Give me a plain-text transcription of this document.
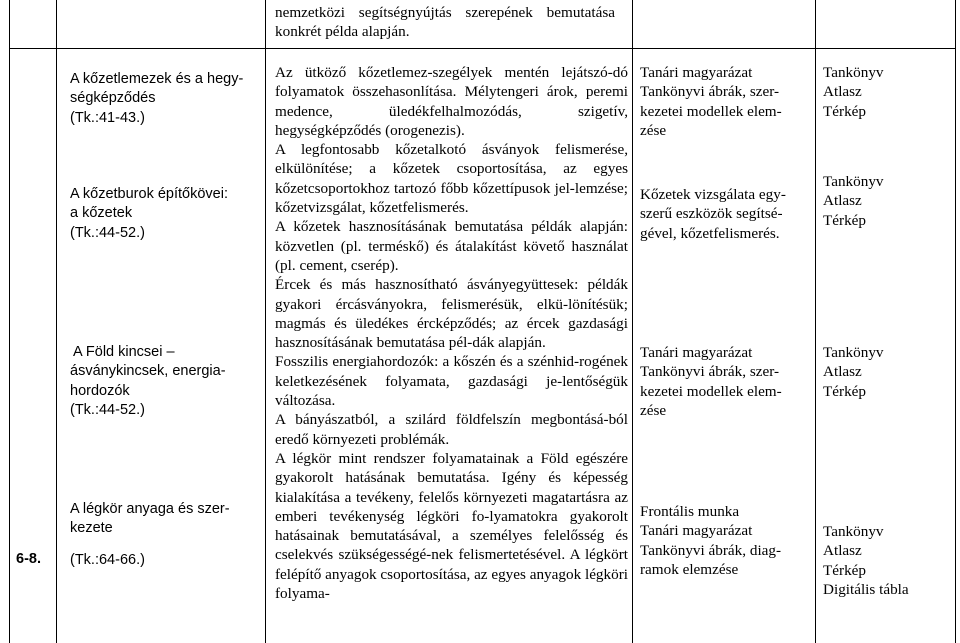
6-8.
nemzetközi segítségnyújtás szerepének bemutatása konkrét példa alapján.

A kőzetlemezek és a hegy-

ségképződés

(Tk.:41-43.)

A kőzetburok építőkövei:

a kőzetek

(Tk.:44-52.)

A Föld kincsei –

ásványkincsek, energia-

hordozók

(Tk.:44-52.)

A légkör anyaga és szer-

kezete

(Tk.:64-66.)

Az ütköző kőzetlemez-szegélyek mentén lejátszó-dó folyamatok összehasonlítása. Mélytengeri árok, peremi medence, üledékfelhalmozódás, szigetív, hegységképződés (orogenezis).

A legfontosabb kőzetalkotó ásványok felismerése, elkülönítése; a kőzetek csoportosítása, az egyes kőzetcsoportokhoz tartozó főbb kőzettípusok jel-lemzése; kőzetvizsgálat, kőzetfelismerés.

A kőzetek hasznosításának bemutatása példák alapján: közvetlen (pl. terméskő) és átalakítást követő használat (pl. cement, cserép).

Ércek és más hasznosítható ásványegyüttesek: példák gyakori ércásványokra, felismerésük, elkü-lönítésük; magmás és üledékes ércképződés; az ércek gazdasági hasznosításának bemutatása pél-dák alapján.

Fosszilis energiahordozók: a kőszén és a szénhid-rogének keletkezésének folyamata, gazdasági je-lentőségük változása.

A bányászatból, a szilárd földfelszín megbontásá-ból eredő környezeti problémák.

A légkör mint rendszer folyamatainak a Föld egészére gyakorolt hatásának bemutatása. Igény és képesség kialakítása a tevékeny, felelős környezeti magatartásra az emberi tevékenység légköri fo-lyamatokra gyakorolt hatásainak bemutatásával, a személyes felelősség és cselekvés szükségességé-nek felismertetésével. A légkört felépítő anyagok csoportosítása, az egyes anyagok légköri folyama-

Tanári magyarázat

Tankönyvi ábrák, szer-

kezetei modellek elem-

zése

Kőzetek vizsgálata egy-

szerű eszközök segítsé-

gével, kőzetfelismerés.

Tanári magyarázat

Tankönyvi ábrák, szer-

kezetei modellek elem-

zése

Frontális munka

Tanári magyarázat

Tankönyvi ábrák, diag-

ramok elemzése

Tankönyv

Atlasz

Térkép

Tankönyv

Atlasz

Térkép

Tankönyv

Atlasz

Térkép

Tankönyv

Atlasz

Térkép

Digitális tábla
